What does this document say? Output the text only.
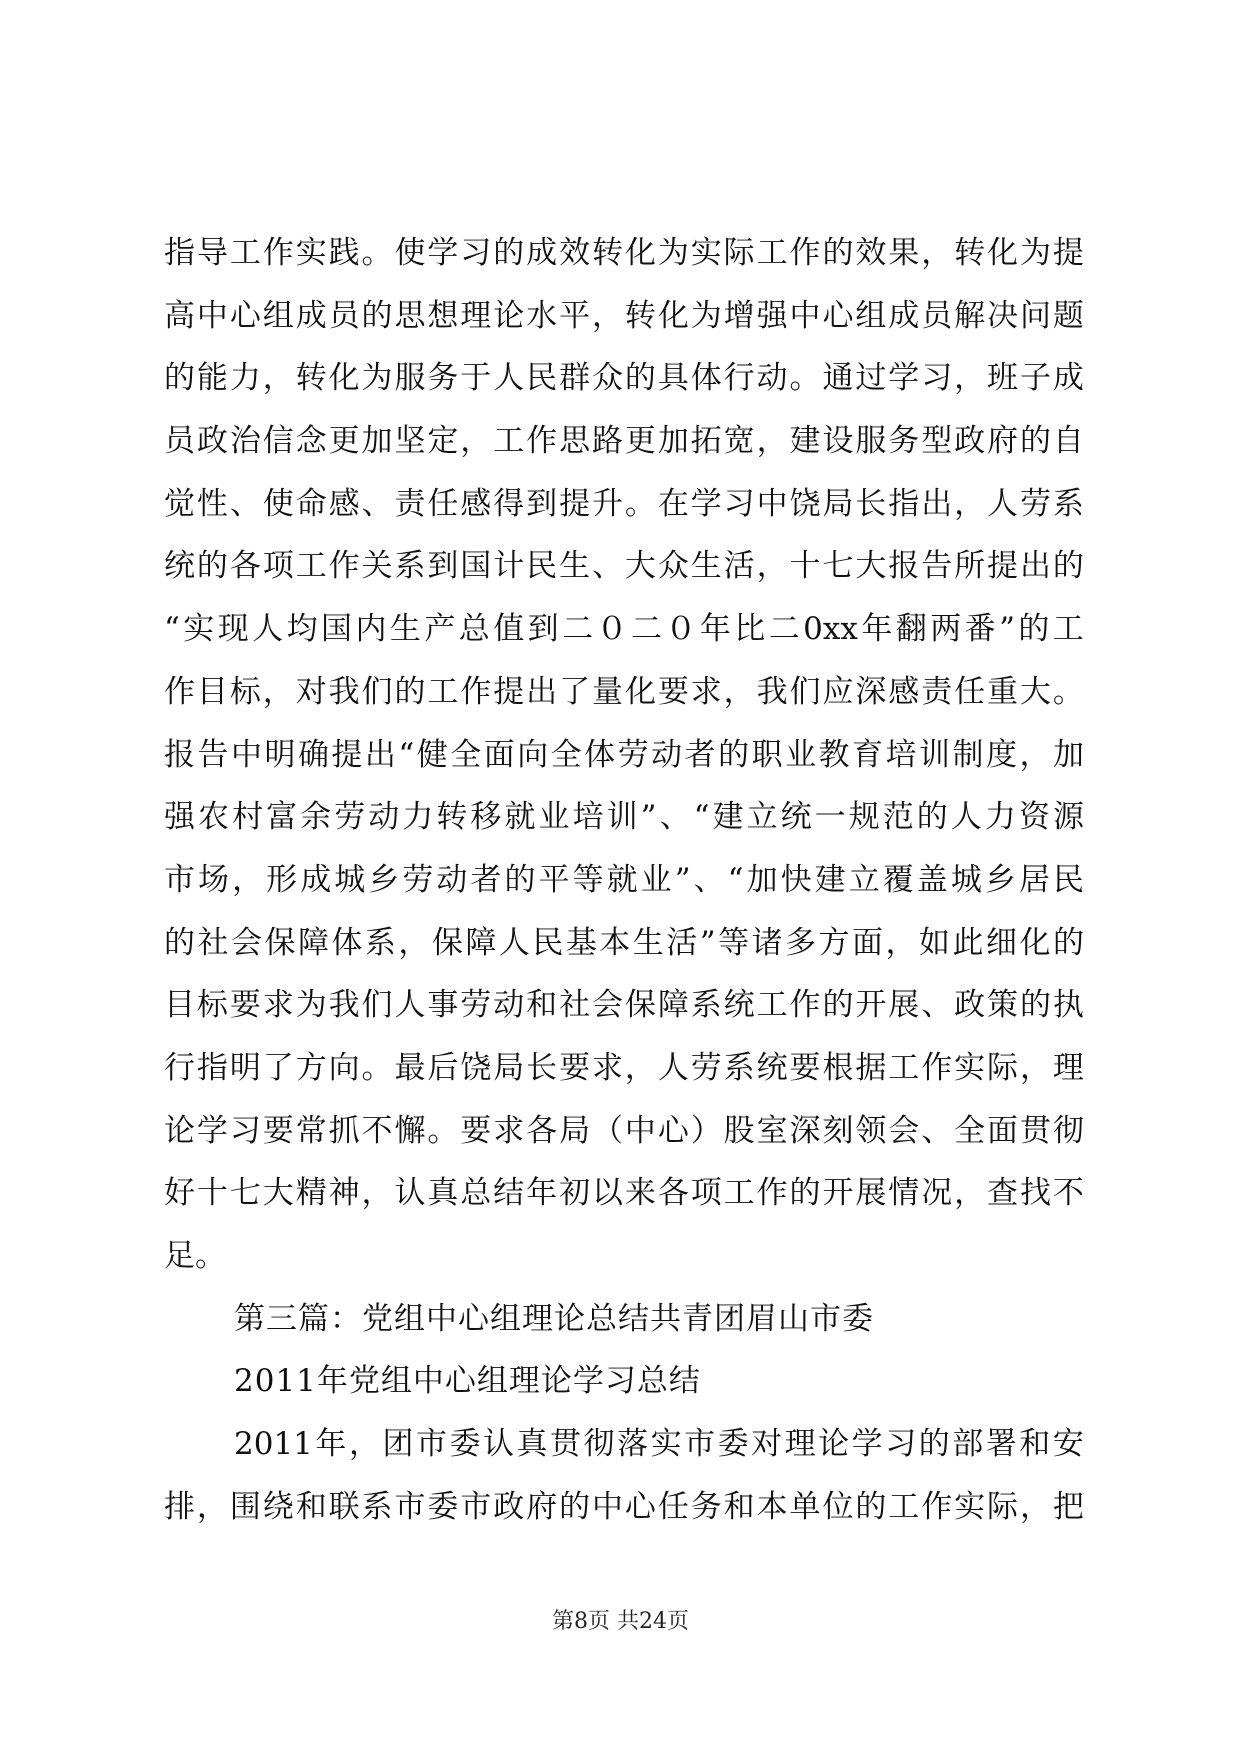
指 导 工 作 实 践 。 使 学 习 的 成 效 转 化 为 实 际 工 作 的 效 果 ， 转 化 为 提
高 中 心 组 成 员 的 思 想 理 论 水 平 ， 转 化 为 增 强 中 心 组 成 员 解 决 问 题
的 能 力 ， 转 化 为 服 务 于 人 民 群 众 的 具 体 行 动 。 通 过 学 习 ， 班 子 成
员 政 治 信 念 更 加 坚 定 ， 工 作 思 路 更 加 拓 宽 ， 建 设 服 务 型 政 府 的 自
觉 性 、 使 命 感 、 责 任 感 得 到 提 升 。 在 学 习 中 饶 局 长 指 出 ， 人 劳 系
统 的 各 项 工 作 关 系 到 国 计 民 生 、 大 众 生 活 ， 十 七 大 报 告 所 提 出 的
“ 实 现 人 均 国 内 生 产 总 值 到 二 ０ 二 ０ 年 比 二 0xx 年 翻 两 番 ” 的 工
作 目 标 ， 对 我 们 的 工 作 提 出 了 量 化 要 求 ， 我 们 应 深 感 责 任 重 大 。
报 告 中 明 确 提 出 “ 健 全 面 向 全 体 劳 动 者 的 职 业 教 育 培 训 制 度 ， 加
强 农 村 富 余 劳 动 力 转 移 就 业 培 训 ” 、 “ 建 立 统 一 规 范 的 人 力 资 源
市 场 ， 形 成 城 乡 劳 动 者 的 平 等 就 业 ” 、 “ 加 快 建 立 覆 盖 城 乡 居 民
的 社 会 保 障 体 系 ， 保 障 人 民 基 本 生 活 ” 等 诸 多 方 面 ， 如 此 细 化 的
目 标 要 求 为 我 们 人 事 劳 动 和 社 会 保 障 系 统 工 作 的 开 展 、 政 策 的 执
行 指 明 了 方 向 。 最 后 饶 局 长 要 求 ， 人 劳 系 统 要 根 据 工 作 实 际 ， 理
论 学 习 要 常 抓 不 懈 。 要 求 各 局 （ 中 心 ） 股 室 深 刻 领 会 、 全 面 贯 彻
好 十 七 大 精 神 ， 认 真 总 结 年 初 以 来 各 项 工 作 的 开 展 情 况 ， 查 找 不
足。
第三篇：党组中心组理论总结共青团眉山市委
2011年党组中心组理论学习总结
2011 年 ， 团 市 委 认 真 贯 彻 落 实 市 委 对 理 论 学 习 的 部 署 和 安
排 ， 围 绕 和 联 系 市 委 市 政 府 的 中 心 任 务 和 本 单 位 的 工 作 实 际 ， 把
第8页 共24页
